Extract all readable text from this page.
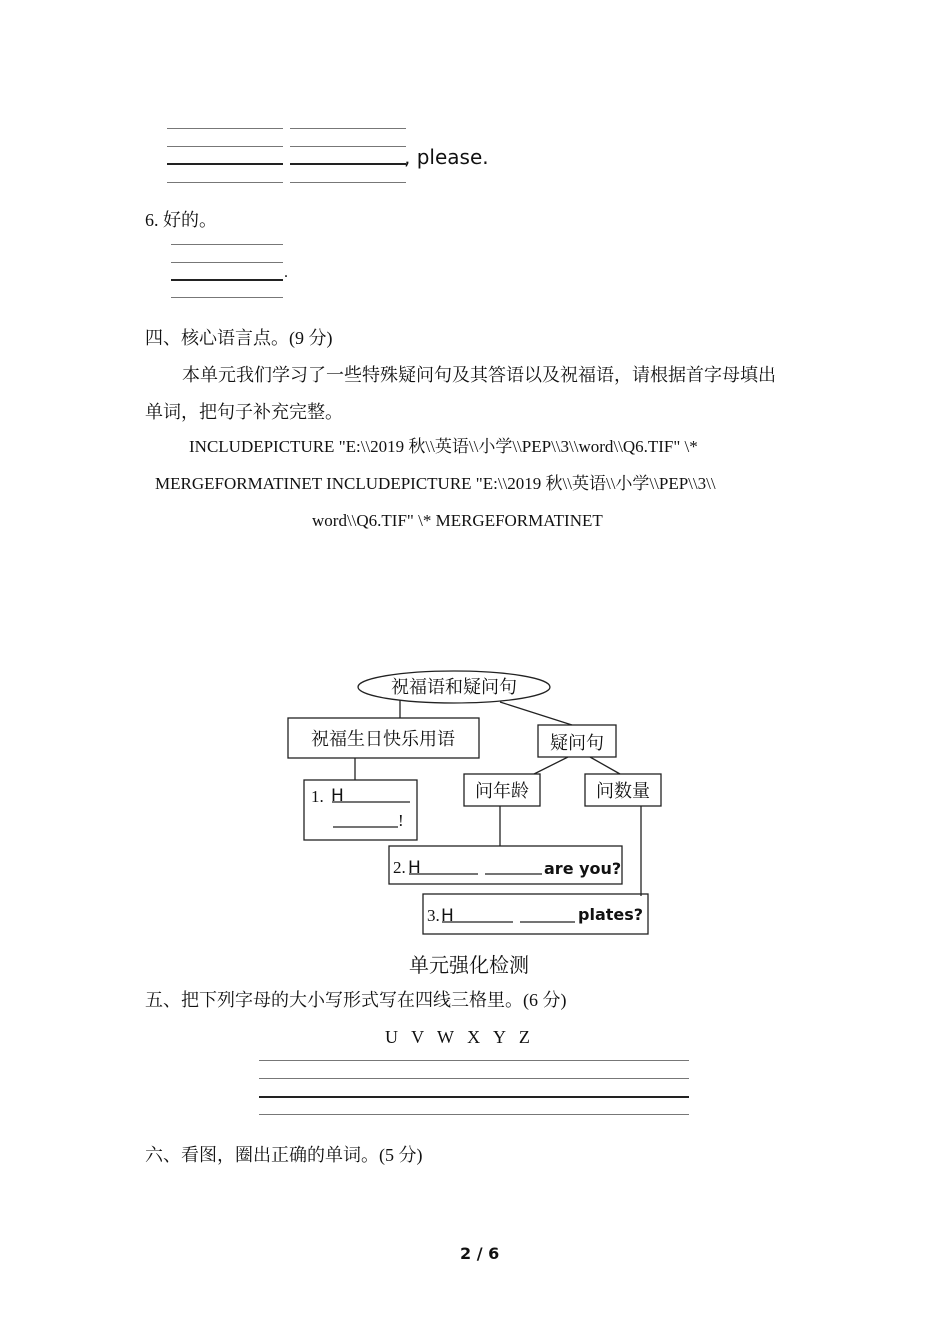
, please.
6. 好的。
.
四、核心语言点。(9 分)
本单元我们学习了一些特殊疑问句及其答语以及祝福语，请根据首字母填出
单词，把句子补充完整。
INCLUDEPICTURE "E:\\2019 秋\\英语\\小学\\PEP\\3\\word\\Q6.TIF" \*
MERGEFORMATINET INCLUDEPICTURE "E:\\2019 秋\\英语\\小学\\PEP\\3\\
word\\Q6.TIF" \* MERGEFORMATINET
祝福语和疑问句
祝福生日快乐用语	疑问句
问年龄	问数量
1.
2.
3.
!
H
H
H
are you?
plates?
单元强化检测
五、把下列字母的大小写形式写在四线三格里。(6 分)
U   V   W   X   Y   Z
六、看图，圈出正确的单词。(5 分)
2 / 6
